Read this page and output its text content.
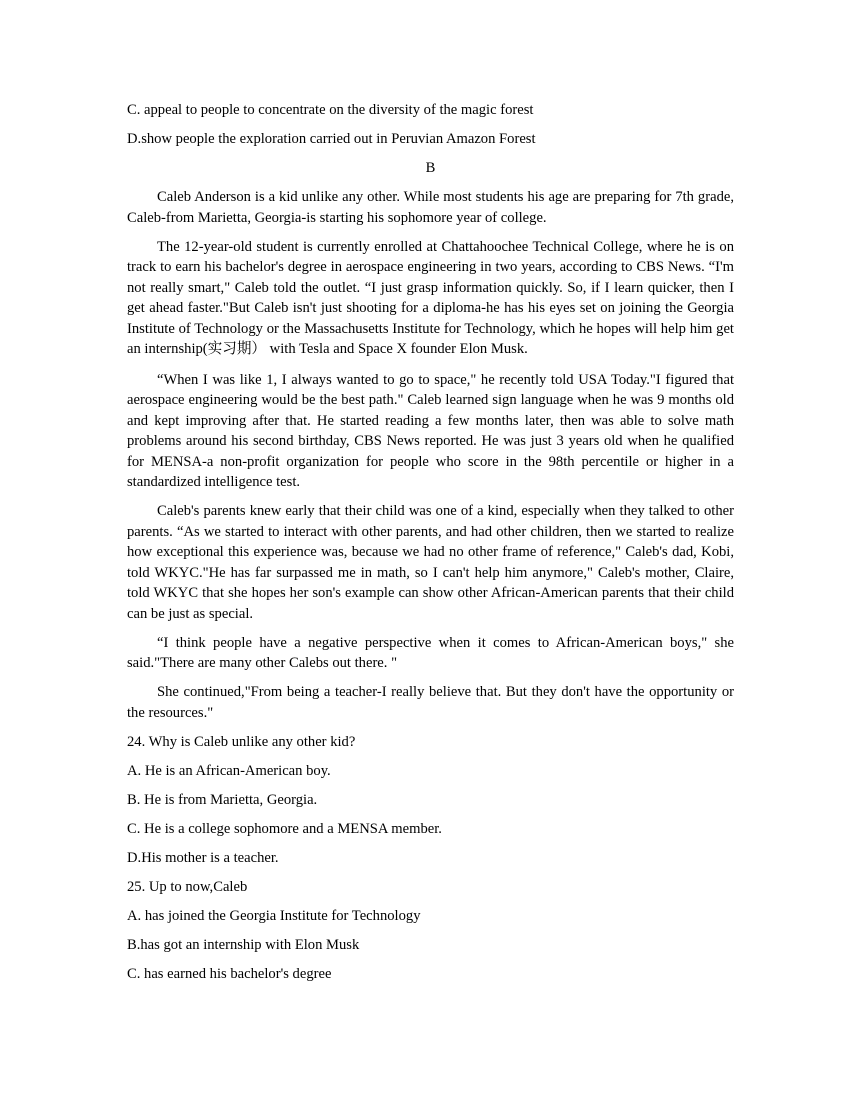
C. appeal to people to concentrate on the diversity of the magic forest

D.show people the exploration carried out in Peruvian Amazon Forest

B

Caleb Anderson is a kid unlike any other. While most students his age are preparing for 7th grade, Caleb-from Marietta, Georgia-is starting his sophomore year of college.

The 12-year-old student is currently enrolled at Chattahoochee Technical College, where he is on track to earn his bachelor's degree in aerospace engineering in two years, according to CBS News. “I'm not really smart," Caleb told the outlet. “I just grasp information quickly. So, if I learn quicker, then I get ahead faster."But Caleb isn't just shooting for a diploma-he has his eyes set on joining the Georgia Institute of Technology or the Massachusetts Institute for Technology, which he hopes will help him get an internship(实习期） with Tesla and Space X founder Elon Musk.

“When I was like 1, I always wanted to go to space," he recently told USA Today."I figured that aerospace engineering would be the best path." Caleb learned sign language when he was 9 months old and kept improving after that. He started reading a few months later, then was able to solve math problems around his second birthday, CBS News reported. He was just 3 years old when he qualified for MENSA-a non-profit organization for people who score in the 98th percentile or higher in a standardized intelligence test.

Caleb's parents knew early that their child was one of a kind, especially when they talked to other parents. “As we started to interact with other parents, and had other children, then we started to realize how exceptional this experience was, because we had no other frame of reference," Caleb's dad, Kobi, told WKYC."He has far surpassed me in math, so I can't help him anymore," Caleb's mother, Claire, told WKYC that she hopes her son's example can show other African-American parents that their child can be just as special.

“I think people have a negative perspective when it comes to African-American boys," she said."There are many other Calebs out there. "

She continued,"From being a teacher-I really believe that. But they don't have the opportunity or the resources."

24. Why is Caleb unlike any other kid?

A. He is an African-American boy.

B. He is from Marietta, Georgia.

C. He is a college sophomore and a MENSA member.

D.His mother is a teacher.

25. Up to now,Caleb

A. has joined the Georgia Institute for Technology

B.has got an internship with Elon Musk

C. has earned his bachelor's degree
